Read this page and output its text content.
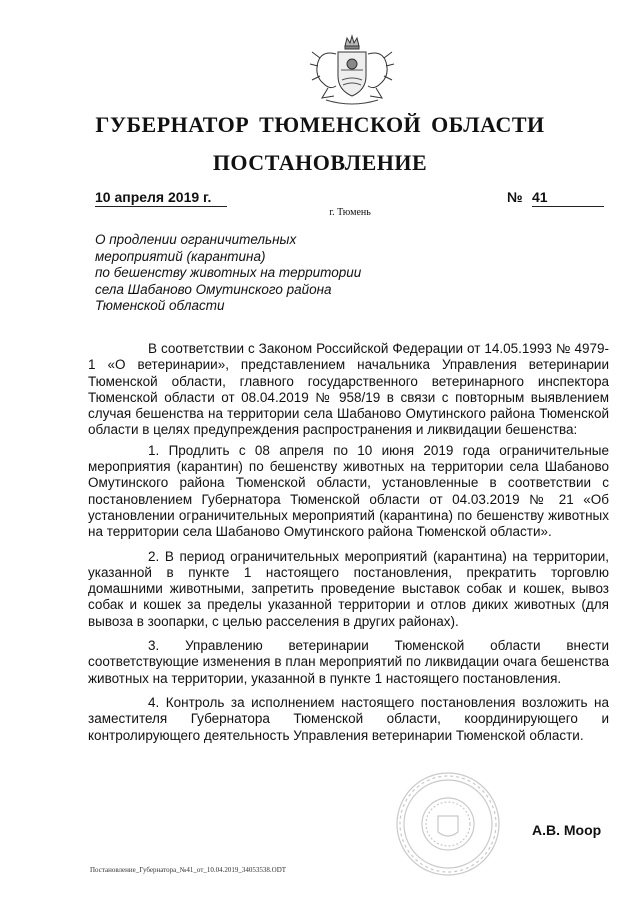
ГУБЕРНАТОР ТЮМЕНСКОЙ ОБЛАСТИ
ПОСТАНОВЛЕНИЕ
10 апреля 2019 г.	№ 41
г. Тюмень
О продлении ограничительных
мероприятий (карантина)
по бешенству животных на территории
села Шабаново Омутинского района
Тюменской области

В соответствии с Законом Российской Федерации от 14.05.1993 № 4979-1 «О ветеринарии», представлением начальника Управления ветеринарии Тюменской области, главного государственного ветеринарного инспектора Тюменской области от 08.04.2019 № 958/19 в связи с повторным выявлением случая бешенства на территории села Шабаново Омутинского района Тюменской области в целях предупреждения распространения и ликвидации бешенства:

1. Продлить с 08 апреля по 10 июня 2019 года ограничительные мероприятия (карантин) по бешенству животных на территории села Шабаново Омутинского района Тюменской области, установленные в соответствии с постановлением Губернатора Тюменской области от 04.03.2019 № 21 «Об установлении ограничительных мероприятий (карантина) по бешенству животных на территории села Шабаново Омутинского района Тюменской области».

2. В период ограничительных мероприятий (карантина) на территории, указанной в пункте 1 настоящего постановления, прекратить торговлю домашними животными, запретить проведение выставок собак и кошек, вывоз собак и кошек за пределы указанной территории и отлов диких животных (для вывоза в зоопарки, с целью расселения в других районах).

3. Управлению ветеринарии Тюменской области внести соответствующие изменения в план мероприятий по ликвидации очага бешенства животных на территории, указанной в пункте 1 настоящего постановления.

4. Контроль за исполнением настоящего постановления возложить на заместителя Губернатора Тюменской области, координирующего и контролирующего деятельность Управления ветеринарии Тюменской области.

А.В. Моор
Постановление_Губернатора_№41_от_10.04.2019_34053538.ODT
